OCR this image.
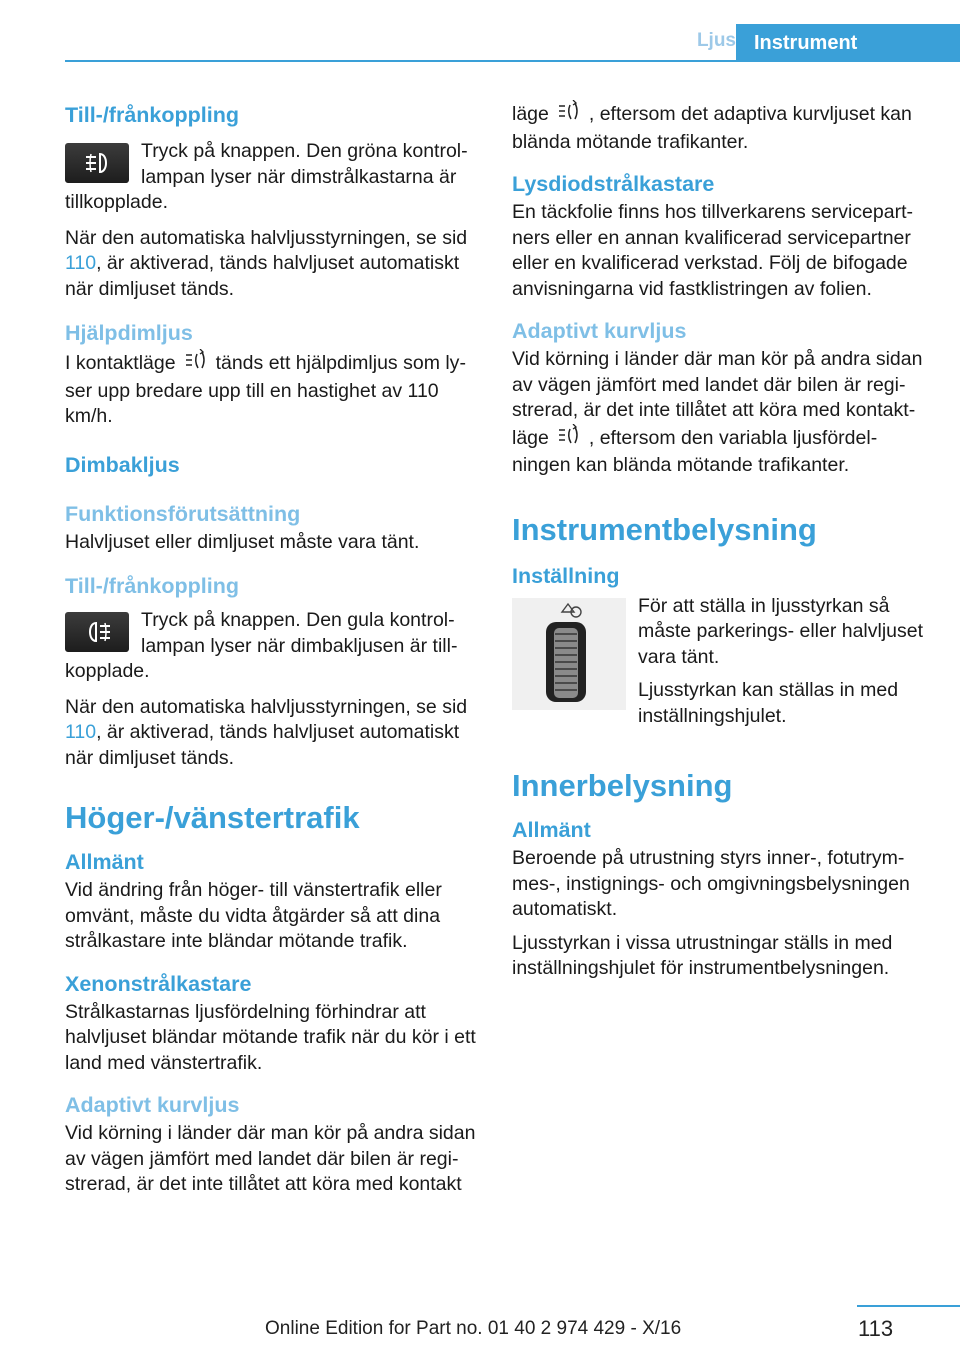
Ljus Instrument
Till-/frånkoppling

Tryck på knappen. Den gröna kontrollampan lyser när dimstrålkastarna är tillkopplade.

När den automatiska halvljusstyrningen, se sid 110, är aktiverad, tänds halvljuset automatiskt när dimljuset tänds.

Hjälpdimljus

I kontaktläge tänds ett hjälpdimljus som lyser upp bredare upp till en hastighet av 110 km/h.

Dimbakljus
Funktionsförutsättning

Halvljuset eller dimljuset måste vara tänt.

Till-/frånkoppling

Tryck på knappen. Den gula kontrollampan lyser när dimbakljusen är tillkopplade.

När den automatiska halvljusstyrningen, se sid 110, är aktiverad, tänds halvljuset automatiskt när dimljuset tänds.

Höger-/vänstertrafik
Allmänt

Vid ändring från höger- till vänstertrafik eller omvänt, måste du vidta åtgärder så att dina strålkastare inte bländar mötande trafik.

Xenonstrålkastare

Strålkastarnas ljusfördelning förhindrar att halvljuset bländar mötande trafik när du kör i ett land med vänstertrafik.

Adaptivt kurvljus

Vid körning i länder där man kör på andra sidan av vägen jämfört med landet där bilen är registrerad, är det inte tillåtet att köra med kontakt

läge , eftersom det adaptiva kurvljuset kan blända mötande trafikanter.

Lysdiodstrålkastare

En täckfolie finns hos tillverkarens servicepartners eller en annan kvalificerad servicepartner eller en kvalificerad verkstad. Följ de bifogade anvisningarna vid fastklistringen av folien.

Adaptivt kurvljus

Vid körning i länder där man kör på andra sidan av vägen jämfört med landet där bilen är registrerad, är det inte tillåtet att köra med kontaktläge , eftersom den variabla ljusfördelningen kan blända mötande trafikanter.

Instrumentbelysning
Inställning

För att ställa in ljusstyrkan så måste parkerings- eller halvljuset vara tänt.

Ljusstyrkan kan ställas in med inställningshjulet.

Innerbelysning
Allmänt

Beroende på utrustning styrs inner-, fotutrymmes-, instignings- och omgivningsbelysningen automatiskt.

Ljusstyrkan i vissa utrustningar ställs in med inställningshjulet för instrumentbelysningen.

113
Online Edition for Part no. 01 40 2 974 429 - X/16
